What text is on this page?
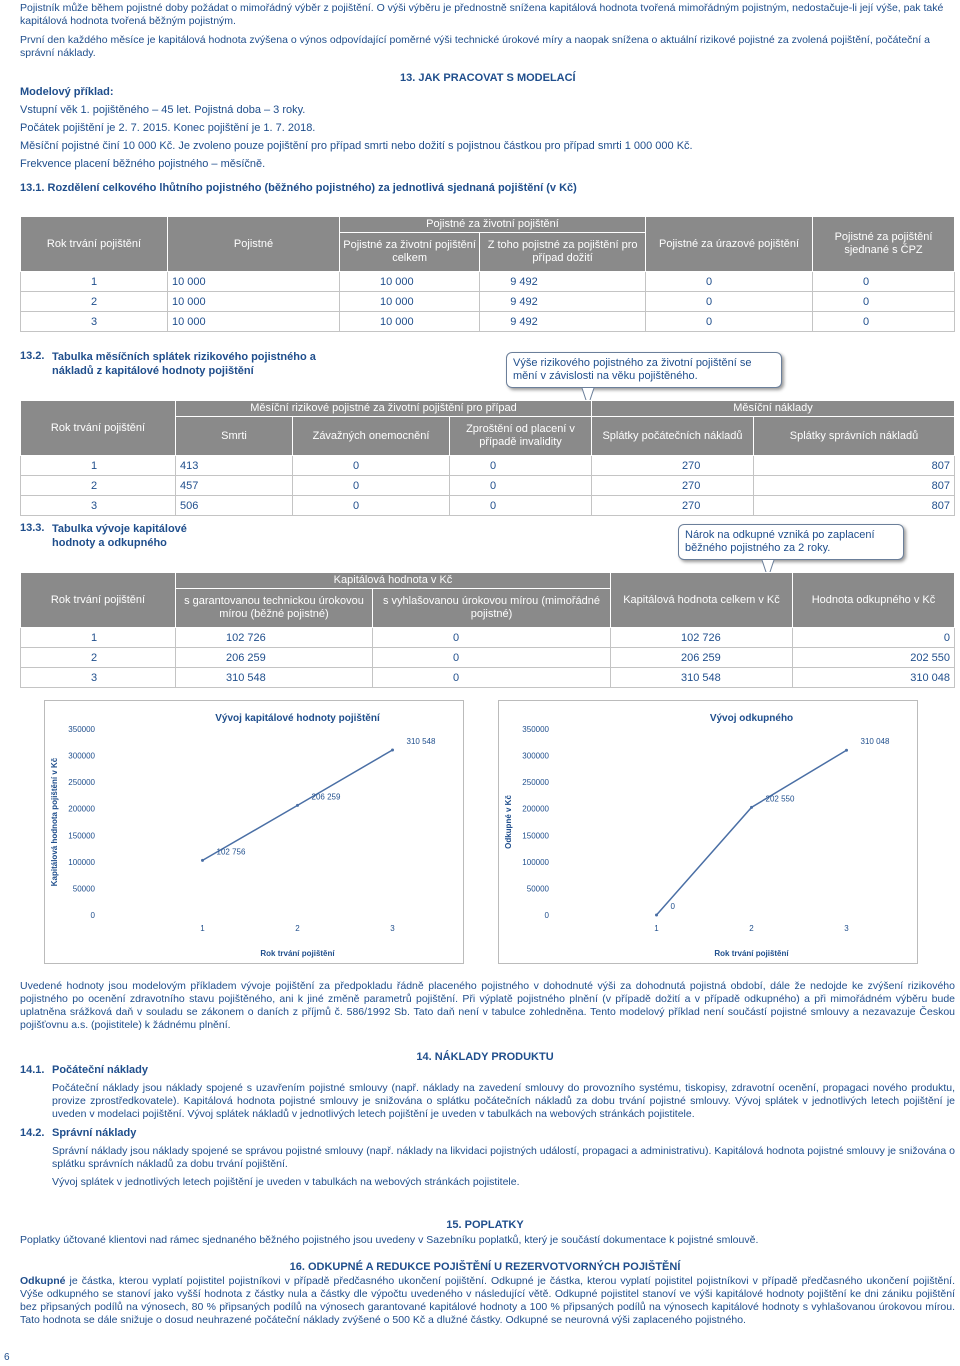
Pojistník může během pojistné doby požádat o mimořádný výběr z pojištění. O výši výběru je přednostně snížena kapitálová hodnota tvořená mimořádným pojistným, nedostačuje-li její výše, pak také kapitálová hodnota tvořená běžným pojistným.
První den každého měsíce je kapitálová hodnota zvýšena o výnos odpovídající poměrné výši technické úrokové míry a naopak snížena o aktuální rizikové pojistné za zvolená pojištění, počáteční a správní náklady.
13. JAK PRACOVAT S MODELACÍ
Modelový příklad:
Vstupní věk 1. pojištěného – 45 let. Pojistná doba – 3 roky.
Počátek pojištění je 2. 7. 2015. Konec pojištění je 1. 7. 2018.
Měsíční pojistné činí 10 000 Kč. Je zvoleno pouze pojištění pro případ smrti nebo dožití s pojistnou částkou pro případ smrti 1 000 000 Kč.
Frekvence placení běžného pojistného – měsíčně.
13.1. Rozdělení celkového lhůtního pojistného (běžného pojistného) za jednotlivá sjednaná pojištění (v Kč)
Rok trvání pojištění	Pojistné	Pojistné za životní pojištění		Pojistné za úrazové pojištění	Pojistné za pojištění sjednané s ČPZ
		Pojistné za životní pojištění celkem	Z toho pojistné za pojištění pro případ dožití		
1	10 000	10 000	9 492	0	0
2	10 000	10 000	9 492	0	0
3	10 000	10 000	9 492	0	0
13.2. Tabulka měsíčních splátek rizikového pojistného a nákladů z kapitálové hodnoty pojištění
Výše rizikového pojistného za životní pojištění se mění v závislosti na věku pojištěného.
Rok trvání pojištění	Měsíční rizikové pojistné za životní pojištění pro případ			Měsíční náklady	
	Smrti	Závažných onemocnění	Zproštění od placení v případě invalidity	Splátky počátečních nákladů	Splátky správních nákladů
1	413	0	0	270	807
2	457	0	0	270	807
3	506	0	0	270	807
13.3. Tabulka vývoje kapitálové hodnoty a odkupného
Nárok na odkupné vzniká po zaplacení běžného pojistného za 2 roky.
Rok trvání pojištění	Kapitálová hodnota v Kč		Kapitálová hodnota celkem v Kč	Hodnota odkupného v Kč
	s garantovanou technickou úrokovou mírou (běžné pojistné)	s vyhlašovanou úrokovou mírou (mimořádné pojistné)		
1	102 726	0	102 726	0
2	206 259	0	206 259	202 550
3	310 548	0	310 548	310 048
Vývoj kapitálové hodnoty pojištění
0
50000
100000
150000
200000
250000
300000
350000
1	2	3
Rok trvání pojištění
Kapitálová hodnota pojištění v Kč	102 756
206 259
310 548
Vývoj odkupného
0
50000
100000
150000
200000
250000
300000
350000
1	2	3
Rok trvání pojištění
Odkupné v Kč
0
202 550
310 048
Uvedené hodnoty jsou modelovým příkladem vývoje pojištění za předpokladu řádně placeného pojistného v dohodnuté výši za dohodnutá pojistná období, dále že nedojde ke zvýšení rizikového pojistného po ocenění zdravotního stavu pojištěného, ani k jiné změně parametrů pojištění. Při výplatě pojistného plnění (v případě dožití a v případě odkupného) a při mimořádném výběru bude uplatněna srážková daň v souladu se zákonem o daních z příjmů č. 586/1992 Sb. Tato daň není v tabulce zohledněna. Tento modelový příklad není součástí pojistné smlouvy a nezavazuje Českou pojišťovnu a.s. (pojistitele) k žádnému plnění.
14. NÁKLADY PRODUKTU
14.1. Počáteční náklady
Počáteční náklady jsou náklady spojené s uzavřením pojistné smlouvy (např. náklady na zavedení smlouvy do provozního systému, tiskopisy, zdravotní ocenění, propagaci nového produktu, provize zprostředkovatele). Kapitálová hodnota pojistné smlouvy je snižována o splátku počátečních nákladů za dobu trvání pojistné smlouvy. Vývoj splátek v jednotlivých letech pojištění je uveden v modelaci pojištění. Vývoj splátek nákladů v jednotlivých letech pojištění je uveden v tabulkách na webových stránkách pojistitele.
14.2. Správní náklady
Správní náklady jsou náklady spojené se správou pojistné smlouvy (např. náklady na likvidaci pojistných událostí, propagaci a administrativu). Kapitálová hodnota pojistné smlouvy je snižována o splátku správních nákladů za dobu trvání pojištění.
Vývoj splátek v jednotlivých letech pojištění je uveden v tabulkách na webových stránkách pojistitele.
15. POPLATKY
Poplatky účtované klientovi nad rámec sjednaného běžného pojistného jsou uvedeny v Sazebníku poplatků, který je součástí dokumentace k pojistné smlouvě.
16. ODKUPNÉ A REDUKCE POJIŠTĚNÍ U REZERVOTVORNÝCH POJIŠTĚNÍ
Odkupné je částka, kterou vyplatí pojistitel pojistníkovi v případě předčasného ukončení pojištění. Odkupné je částka, kterou vyplatí pojistitel pojistníkovi v případě předčasného ukončení pojištění. Výše odkupného se stanoví jako vyšší hodnota z částky nula a částky dle výpočtu uvedeného v následující větě. Odkupné pojistitel stanoví ve výši kapitálové hodnoty pojištění ke dni zániku pojištění bez připsaných podílů na výnosech, 80 % připsaných podílů na výnosech garantované kapitálové hodnoty a 100 % připsaných podílů na výnosech kapitálové hodnoty s vyhlašovanou úrokovou mírou. Tato hodnota se dále snižuje o dosud neuhrazené počáteční náklady zvýšené o 500 Kč a dlužné částky. Odkupné se neurovná výši zaplaceného pojistného.
6
